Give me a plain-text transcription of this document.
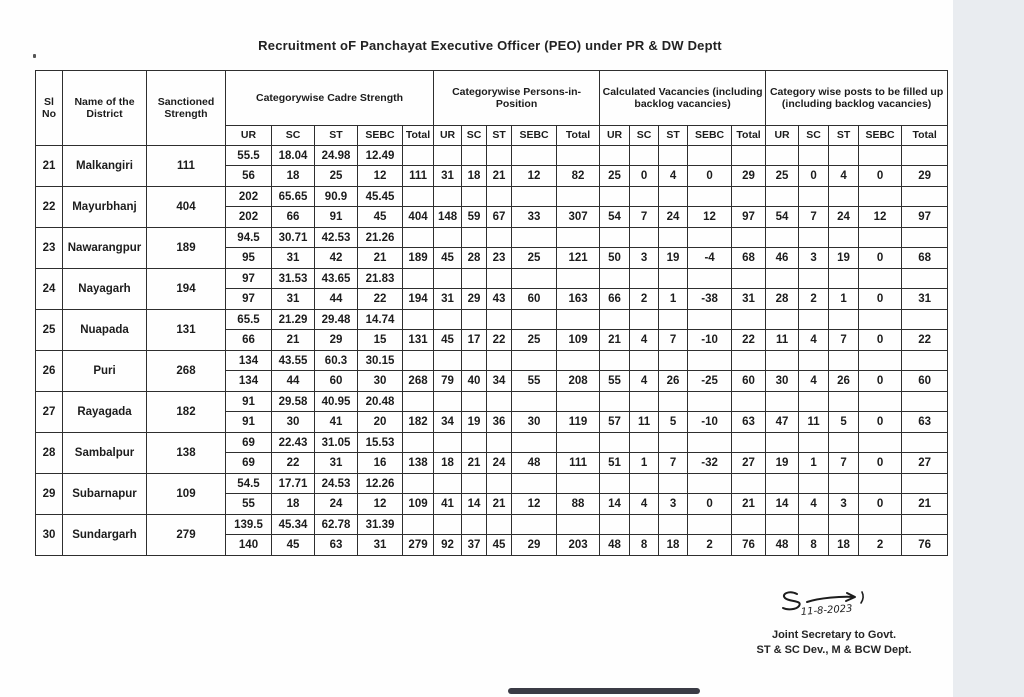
Recruitment oF Panchayat Executive Officer (PEO) under PR & DW Deptt
Sl No	Name of the District	Sanctioned Strength	Categorywise Cadre Strength					Categorywise Persons-in-Position					Calculated Vacancies (including backlog vacancies)					Category wise posts to be filled up (including backlog vacancies)				
			UR	SC	ST	SEBC	Total	UR	SC	ST	SEBC	Total	UR	SC	ST	SEBC	Total	UR	SC	ST	SEBC	Total
21	Malkangiri	111	55.5	18.04	24.98	12.49																
			56	18	25	12	111	31	18	21	12	82	25	0	4	0	29	25	0	4	0	29
22	Mayurbhanj	404	202	65.65	90.9	45.45																
			202	66	91	45	404	148	59	67	33	307	54	7	24	12	97	54	7	24	12	97
23	Nawarangpur	189	94.5	30.71	42.53	21.26																
			95	31	42	21	189	45	28	23	25	121	50	3	19	-4	68	46	3	19	0	68
24	Nayagarh	194	97	31.53	43.65	21.83																
			97	31	44	22	194	31	29	43	60	163	66	2	1	-38	31	28	2	1	0	31
25	Nuapada	131	65.5	21.29	29.48	14.74																
			66	21	29	15	131	45	17	22	25	109	21	4	7	-10	22	11	4	7	0	22
26	Puri	268	134	43.55	60.3	30.15																
			134	44	60	30	268	79	40	34	55	208	55	4	26	-25	60	30	4	26	0	60
27	Rayagada	182	91	29.58	40.95	20.48																
			91	30	41	20	182	34	19	36	30	119	57	11	5	-10	63	47	11	5	0	63
28	Sambalpur	138	69	22.43	31.05	15.53																
			69	22	31	16	138	18	21	24	48	111	51	1	7	-32	27	19	1	7	0	27
29	Subarnapur	109	54.5	17.71	24.53	12.26																
			55	18	24	12	109	41	14	21	12	88	14	4	3	0	21	14	4	3	0	21
30	Sundargarh	279	139.5	45.34	62.78	31.39																
			140	45	63	31	279	92	37	45	29	203	48	8	18	2	76	48	8	18	2	76
11-8-2023
Joint Secretary to Govt.
ST & SC Dev., M & BCW Dept.
